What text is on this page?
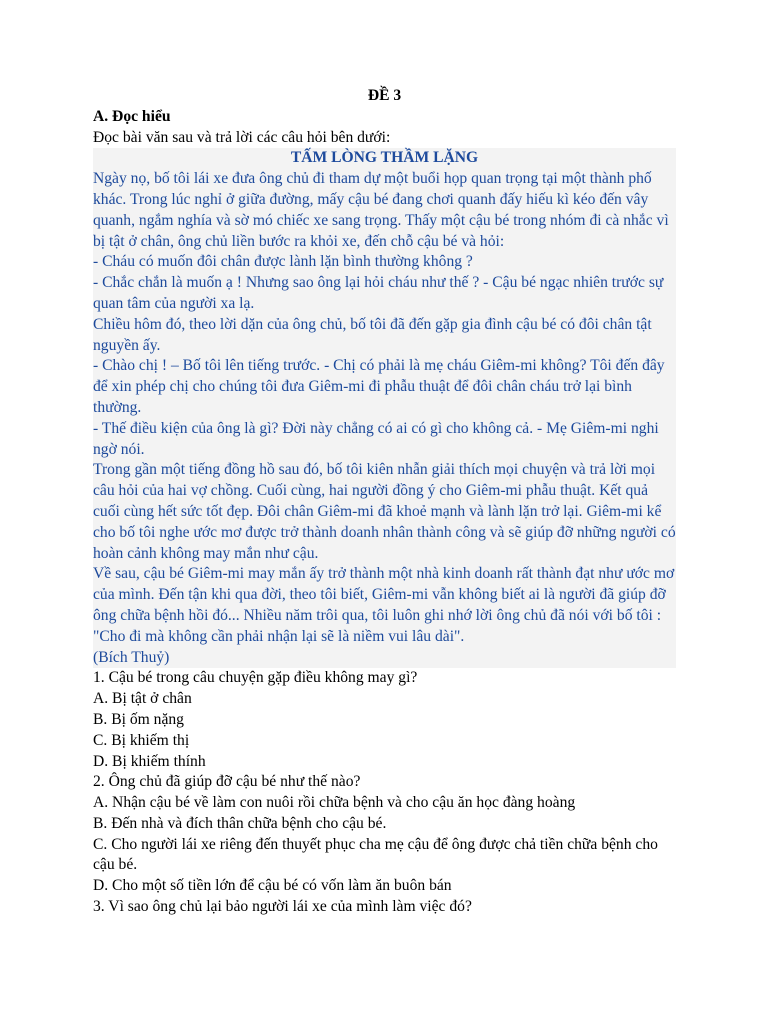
ĐỀ 3

A. Đọc hiểu

Đọc bài văn sau và trả lời các câu hỏi bên dưới:

TẤM LÒNG THẦM LẶNG

Ngày nọ, bố tôi lái xe đưa ông chủ đi tham dự một buổi họp quan trọng tại một thành phố khác. Trong lúc nghỉ ở giữa đường, mấy cậu bé đang chơi quanh đấy hiếu kì kéo đến vây quanh, ngắm nghía và sờ mó chiếc xe sang trọng. Thấy một cậu bé trong nhóm đi cà nhắc vì bị tật ở chân, ông chủ liền bước ra khỏi xe, đến chỗ cậu bé và hỏi:

- Cháu có muốn đôi chân được lành lặn bình thường không ?

- Chắc chắn là muốn ạ ! Nhưng sao ông lại hỏi cháu như thế ? - Cậu bé ngạc nhiên trước sự quan tâm của người xa lạ.

Chiều hôm đó, theo lời dặn của ông chủ, bố tôi đã đến gặp gia đình cậu bé có đôi chân tật nguyền ấy.

- Chào chị ! – Bố tôi lên tiếng trước. - Chị có phải là mẹ cháu Giêm-mi không? Tôi đến đây để xin phép chị cho chúng tôi đưa Giêm-mi đi phẫu thuật để đôi chân cháu trở lại bình thường.

- Thế điều kiện của ông là gì? Đời này chẳng có ai có gì cho không cả. - Mẹ Giêm-mi nghi ngờ nói.

Trong gần một tiếng đồng hồ sau đó, bố tôi kiên nhẫn giải thích mọi chuyện và trả lời mọi câu hỏi của hai vợ chồng. Cuối cùng, hai người đồng ý cho Giêm-mi phẫu thuật. Kết quả cuối cùng hết sức tốt đẹp. Đôi chân Giêm-mi đã khoẻ mạnh và lành lặn trở lại. Giêm-mi kể cho bố tôi nghe ước mơ được trở thành doanh nhân thành công và sẽ giúp đỡ những người có hoàn cảnh không may mắn như cậu.

Về sau, cậu bé Giêm-mi may mắn ấy trở thành một nhà kinh doanh rất thành đạt như ước mơ của mình. Đến tận khi qua đời, theo tôi biết, Giêm-mi vẫn không biết ai là người đã giúp đỡ ông chữa bệnh hồi đó... Nhiều năm trôi qua, tôi luôn ghi nhớ lời ông chủ đã nói với bố tôi : "Cho đi mà không cần phải nhận lại sẽ là niềm vui lâu dài".

(Bích Thuỷ)

1. Cậu bé trong câu chuyện gặp điều không may gì?

A. Bị tật ở chân

B. Bị ốm nặng

C. Bị khiếm thị

D. Bị khiếm thính

2. Ông chủ đã giúp đỡ cậu bé như thế nào?

A. Nhận cậu bé về làm con nuôi rồi chữa bệnh và cho cậu ăn học đàng hoàng

B. Đến nhà và đích thân chữa bệnh cho cậu bé.

C. Cho người lái xe riêng đến thuyết phục cha mẹ cậu để ông được chả tiền chữa bệnh cho cậu bé.

D. Cho một số tiền lớn để cậu bé có vốn làm ăn buôn bán

3. Vì sao ông chủ lại bảo người lái xe của mình làm việc đó?
